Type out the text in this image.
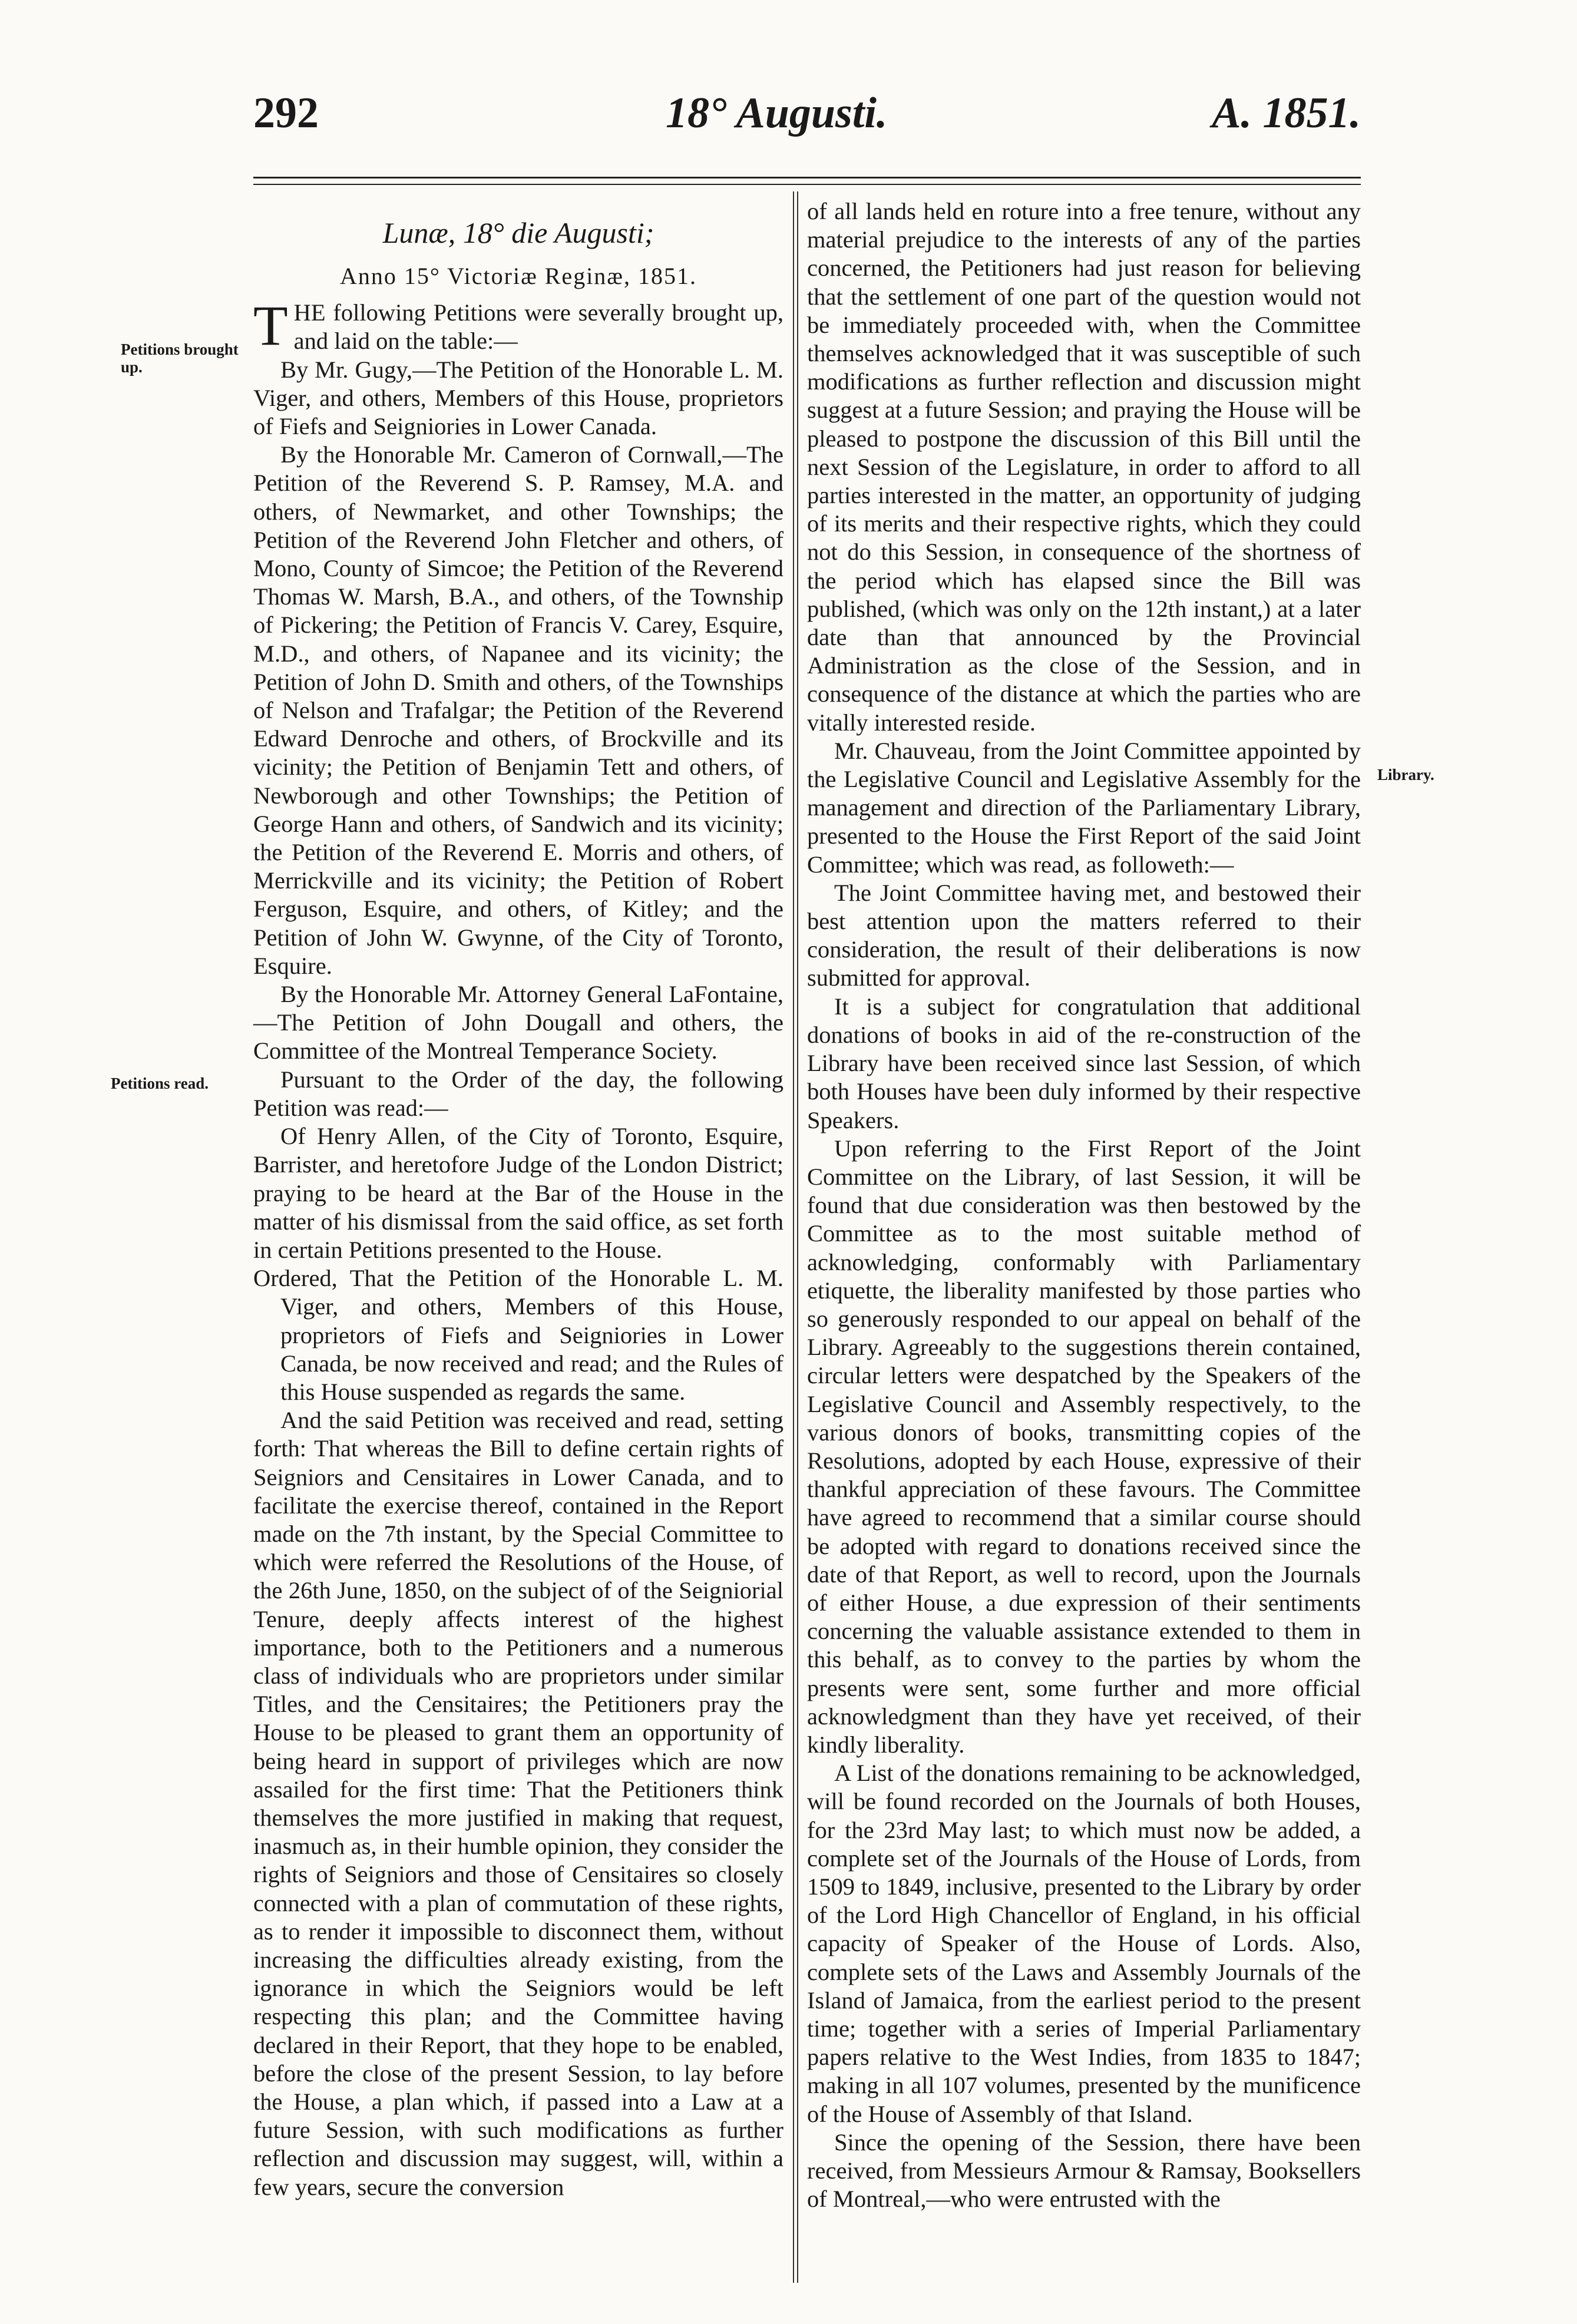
292	18° Augusti.	A. 1851.
Petitions brought up.
Petitions read.
Library.

Lunæ, 18° die Augusti;

Anno 15° Victoriæ Reginæ, 1851.

THE following Petitions were severally brought up, and laid on the table:—

By Mr. Gugy,—The Petition of the Honorable L. M. Viger, and others, Members of this House, proprietors of Fiefs and Seigniories in Lower Canada.

By the Honorable Mr. Cameron of Cornwall,—The Petition of the Reverend S. P. Ramsey, M.A. and others, of Newmarket, and other Townships; the Petition of the Reverend John Fletcher and others, of Mono, County of Simcoe; the Petition of the Reverend Thomas W. Marsh, B.A., and others, of the Township of Pickering; the Petition of Francis V. Carey, Esquire, M.D., and others, of Napanee and its vicinity; the Petition of John D. Smith and others, of the Townships of Nelson and Trafalgar; the Petition of the Reverend Edward Denroche and others, of Brockville and its vicinity; the Petition of Benjamin Tett and others, of Newborough and other Townships; the Petition of George Hann and others, of Sandwich and its vicinity; the Petition of the Reverend E. Morris and others, of Merrickville and its vicinity; the Petition of Robert Ferguson, Esquire, and others, of Kitley; and the Petition of John W. Gwynne, of the City of Toronto, Esquire.

By the Honorable Mr. Attorney General LaFontaine,—The Petition of John Dougall and others, the Committee of the Montreal Temperance Society.

Pursuant to the Order of the day, the following Petition was read:—

Of Henry Allen, of the City of Toronto, Esquire, Barrister, and heretofore Judge of the London District; praying to be heard at the Bar of the House in the matter of his dismissal from the said office, as set forth in certain Petitions presented to the House.

Ordered, That the Petition of the Honorable L. M. Viger, and others, Members of this House, proprietors of Fiefs and Seigniories in Lower Canada, be now received and read; and the Rules of this House suspended as regards the same.

And the said Petition was received and read, setting forth: That whereas the Bill to define certain rights of Seigniors and Censitaires in Lower Canada, and to facilitate the exercise thereof, contained in the Report made on the 7th instant, by the Special Committee to which were referred the Resolutions of the House, of the 26th June, 1850, on the subject of of the Seigniorial Tenure, deeply affects interest of the highest importance, both to the Petitioners and a numerous class of individuals who are proprietors under similar Titles, and the Censitaires; the Petitioners pray the House to be pleased to grant them an opportunity of being heard in support of privileges which are now assailed for the first time: That the Petitioners think themselves the more justified in making that request, inasmuch as, in their humble opinion, they consider the rights of Seigniors and those of Censitaires so closely connected with a plan of commutation of these rights, as to render it impossible to disconnect them, without increasing the difficulties already existing, from the ignorance in which the Seigniors would be left respecting this plan; and the Committee having declared in their Report, that they hope to be enabled, before the close of the present Session, to lay before the House, a plan which, if passed into a Law at a future Session, with such modifications as further reflection and discussion may suggest, will, within a few years, secure the conversion

of all lands held en roture into a free tenure, without any material prejudice to the interests of any of the parties concerned, the Petitioners had just reason for believing that the settlement of one part of the question would not be immediately proceeded with, when the Committee themselves acknowledged that it was susceptible of such modifications as further reflection and discussion might suggest at a future Session; and praying the House will be pleased to postpone the discussion of this Bill until the next Session of the Legislature, in order to afford to all parties interested in the matter, an opportunity of judging of its merits and their respective rights, which they could not do this Session, in consequence of the shortness of the period which has elapsed since the Bill was published, (which was only on the 12th instant,) at a later date than that announced by the Provincial Administration as the close of the Session, and in consequence of the distance at which the parties who are vitally interested reside.

Mr. Chauveau, from the Joint Committee appointed by the Legislative Council and Legislative Assembly for the management and direction of the Parliamentary Library, presented to the House the First Report of the said Joint Committee; which was read, as followeth:—

The Joint Committee having met, and bestowed their best attention upon the matters referred to their consideration, the result of their deliberations is now submitted for approval.

It is a subject for congratulation that additional donations of books in aid of the re-construction of the Library have been received since last Session, of which both Houses have been duly informed by their respective Speakers.

Upon referring to the First Report of the Joint Committee on the Library, of last Session, it will be found that due consideration was then bestowed by the Committee as to the most suitable method of acknowledging, conformably with Parliamentary etiquette, the liberality manifested by those parties who so generously responded to our appeal on behalf of the Library. Agreeably to the suggestions therein contained, circular letters were despatched by the Speakers of the Legislative Council and Assembly respectively, to the various donors of books, transmitting copies of the Resolutions, adopted by each House, expressive of their thankful appreciation of these favours. The Committee have agreed to recommend that a similar course should be adopted with regard to donations received since the date of that Report, as well to record, upon the Journals of either House, a due expression of their sentiments concerning the valuable assistance extended to them in this behalf, as to convey to the parties by whom the presents were sent, some further and more official acknowledgment than they have yet received, of their kindly liberality.

A List of the donations remaining to be acknowledged, will be found recorded on the Journals of both Houses, for the 23rd May last; to which must now be added, a complete set of the Journals of the House of Lords, from 1509 to 1849, inclusive, presented to the Library by order of the Lord High Chancellor of England, in his official capacity of Speaker of the House of Lords. Also, complete sets of the Laws and Assembly Journals of the Island of Jamaica, from the earliest period to the present time; together with a series of Imperial Parliamentary papers relative to the West Indies, from 1835 to 1847; making in all 107 volumes, presented by the munificence of the House of Assembly of that Island.

Since the opening of the Session, there have been received, from Messieurs Armour & Ramsay, Booksellers of Montreal,—who were entrusted with the
